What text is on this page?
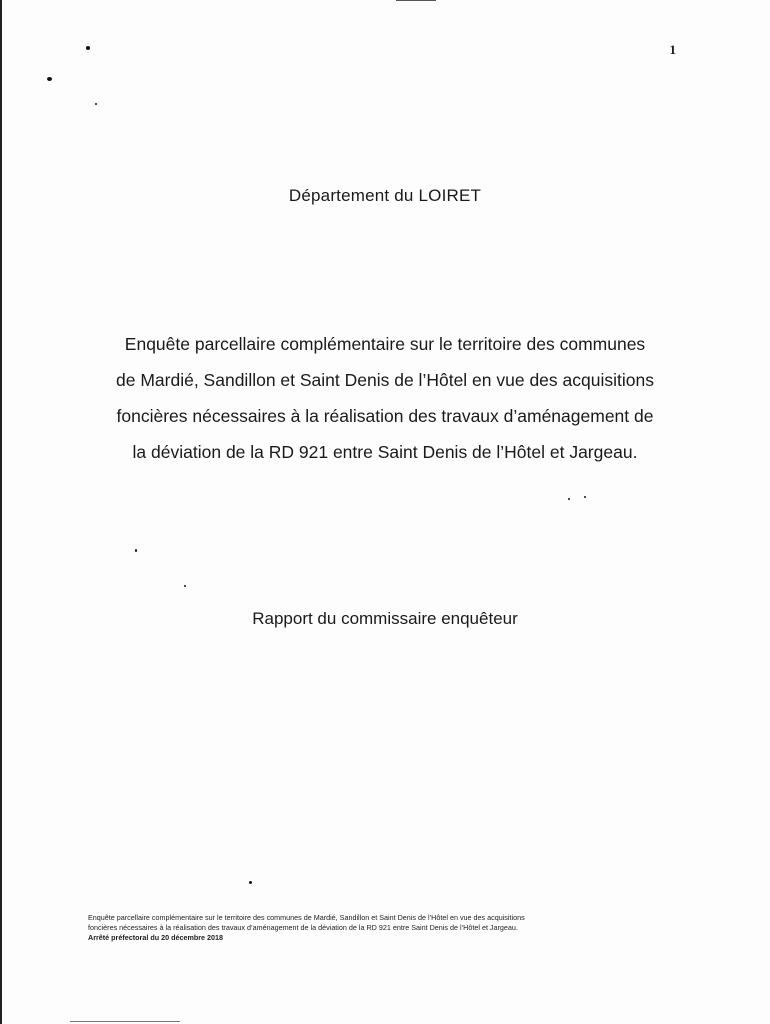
1
Département du LOIRET

Enquête parcellaire complémentaire sur le territoire des communes
de Mardié, Sandillon et Saint Denis de l’Hôtel en vue des acquisitions
foncières nécessaires à la réalisation des travaux d’aménagement de
la déviation de la RD 921 entre Saint Denis de l’Hôtel et Jargeau.

Rapport du commissaire enquêteur
Enquête parcellaire complémentaire sur le territoire des communes de Mardié, Sandillon et Saint Denis de l’Hôtel en vue des acquisitions
foncières nécessaires à la réalisation des travaux d’aménagement de la déviation de la RD 921 entre Saint Denis de l’Hôtel et Jargeau.
Arrêté préfectoral du 20 décembre 2018
